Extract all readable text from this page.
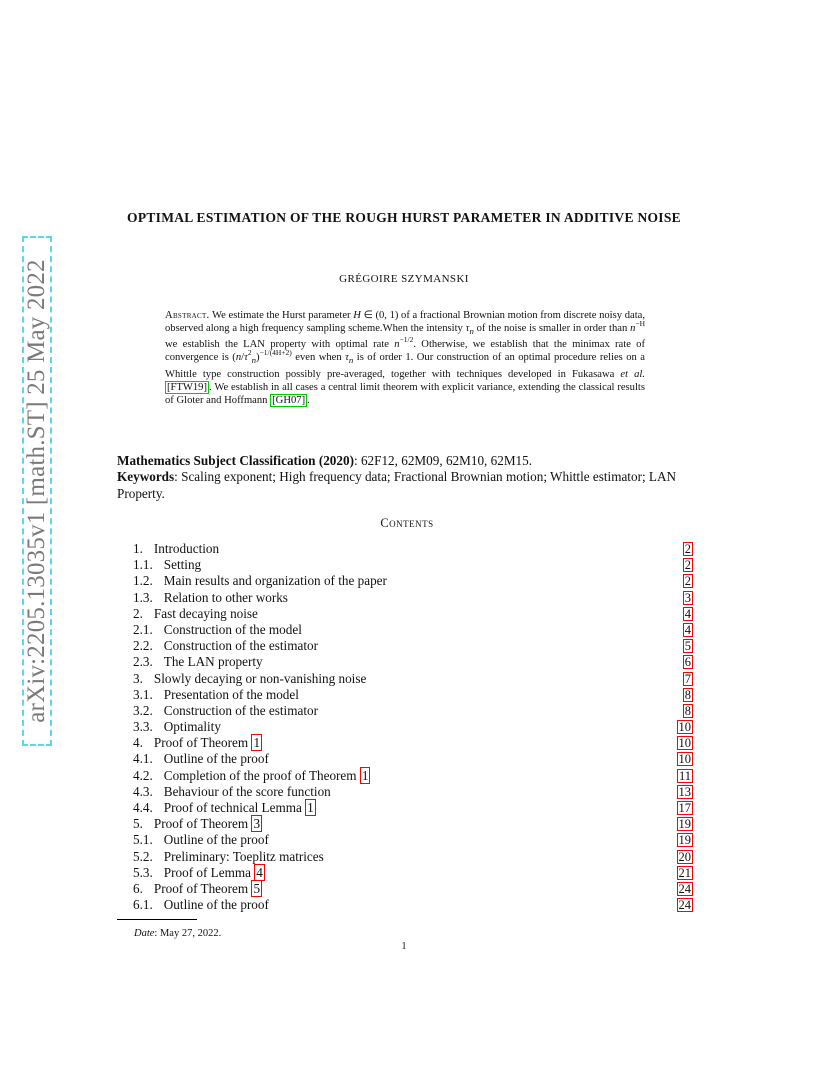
arXiv:2205.13035v1 [math.ST] 25 May 2022
OPTIMAL ESTIMATION OF THE ROUGH HURST PARAMETER IN ADDITIVE NOISE
GRÉGOIRE SZYMANSKI
Abstract. We estimate the Hurst parameter H ∈ (0, 1) of a fractional Brownian motion from discrete noisy data, observed along a high frequency sampling scheme.When the intensity $\tau_n$ of the noise is smaller in order than $n^{-H}$ we establish the LAN property with optimal rate $n^{-1/2}$. Otherwise, we establish that the minimax rate of convergence is $(n/\tau^2_n)^{-1/(4H+2)}$ even when $\tau_n$ is of order 1. Our construction of an optimal procedure relies on a Whittle type construction possibly pre-averaged, together with techniques developed in Fukasawa et al. [FTW19] . We establish in all cases a central limit theorem with explicit variance, extending the classical results of Gloter and Hoffmann [GH07] .
Mathematics Subject Classification (2020): 62F12, 62M09, 62M10, 62M15.
Keywords: Scaling exponent; High frequency data; Fractional Brownian motion; Whittle estimator; LAN Property.
Contents
1. Introduction	2
1.1. Setting	2
1.2. Main results and organization of the paper	2
1.3. Relation to other works	3
2. Fast decaying noise	4
2.1. Construction of the model	4
2.2. Construction of the estimator	5
2.3. The LAN property	6
3. Slowly decaying or non-vanishing noise	7
3.1. Presentation of the model	8
3.2. Construction of the estimator	8
3.3. Optimality	10
4. Proof of Theorem 1	10
4.1. Outline of the proof	10
4.2. Completion of the proof of Theorem 1	11
4.3. Behaviour of the score function	13
4.4. Proof of technical Lemma 1	17
5. Proof of Theorem 3	19
5.1. Outline of the proof	19
5.2. Preliminary: Toeplitz matrices	20
5.3. Proof of Lemma 4	21
6. Proof of Theorem 5	24
6.1. Outline of the proof	24
Date: May 27, 2022.
1
